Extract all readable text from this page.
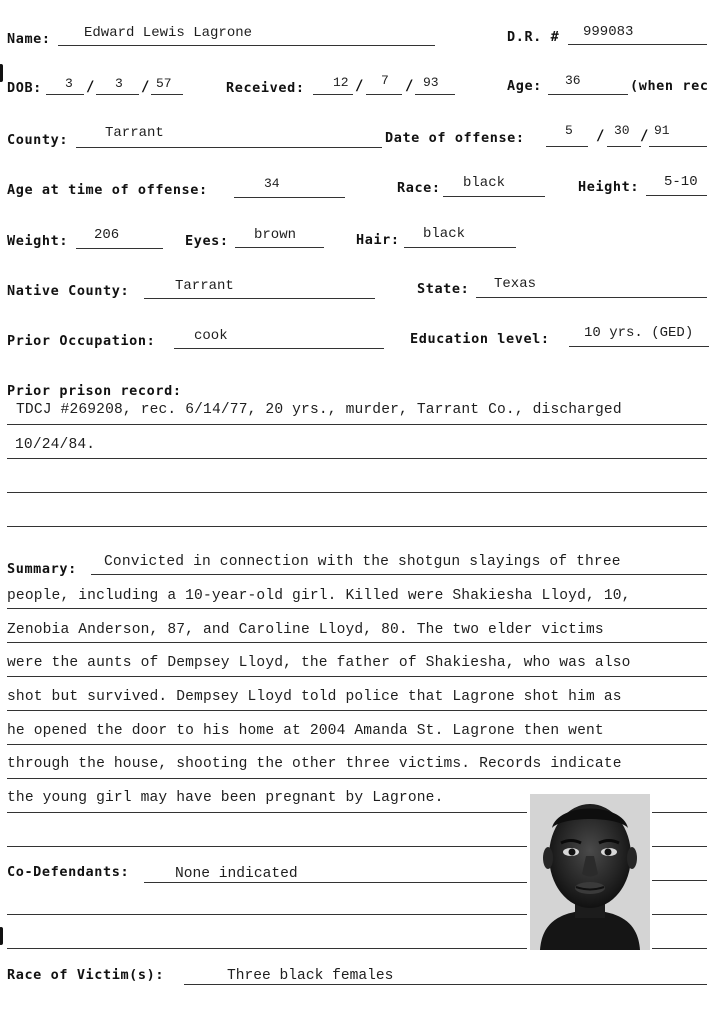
Name: Edward Lewis Lagrone	D.R. # 999083
DOB: 3 / 3 / 57	Received: 12 / 7 / 93	Age: 36	(when rec
County:	Tarrant	Date of offense:	5 / 30 / 91
Age at time of offense:	34	Race: black	Height: 5-10
Weight: 206	Eyes: brown	Hair: black
Native County:	Tarrant	State: Texas
Prior Occupation:	cook	Education level: 10 yrs. (GED)
Prior prison record:
TDCJ #269208, rec. 6/14/77, 20 yrs., murder, Tarrant Co., discharged
10/24/84.
Summary: Convicted in connection with the shotgun slayings of three
people, including a 10-year-old girl. Killed were Shakiesha Lloyd, 10,
Zenobia Anderson, 87, and Caroline Lloyd, 80. The two elder victims
were the aunts of Dempsey Lloyd, the father of Shakiesha, who was also
shot but survived. Dempsey Lloyd told police that Lagrone shot him as
he opened the door to his home at 2004 Amanda St. Lagrone then went
through the house, shooting the other three victims. Records indicate
the young girl may have been pregnant by Lagrone.
Co-Defendants:	None indicated
Race of Victim(s):	Three black females
